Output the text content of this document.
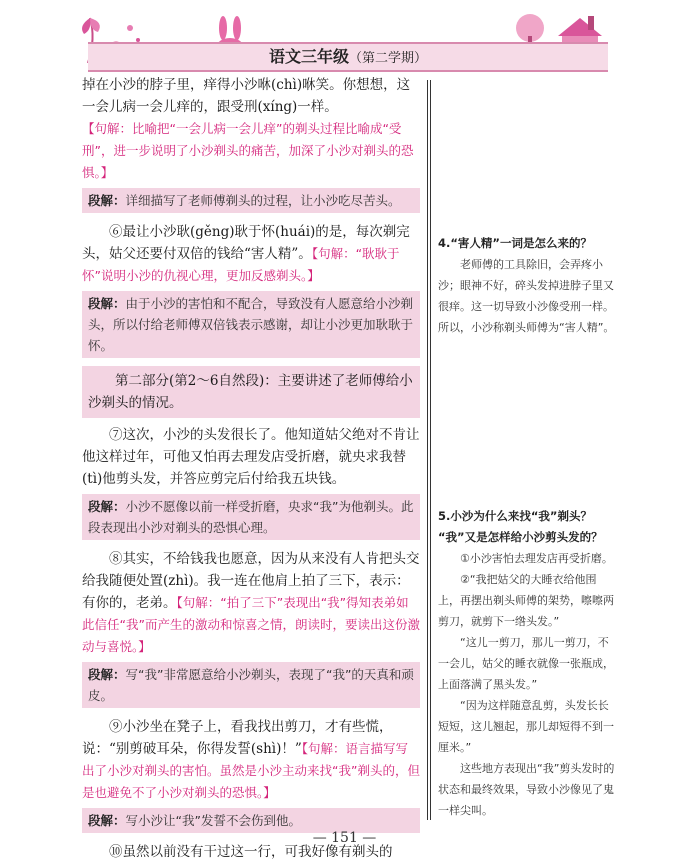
语文三年级（第二学期）

掉在小沙的脖子里，痒得小沙咻(chì)咻笑。你想想，这一会儿病一会儿痒的，跟受刑(xíng)一样。

【句解：比喻把“一会儿病一会儿痒”的剃头过程比喻成“受刑”，进一步说明了小沙剃头的痛苦，加深了小沙对剃头的恐惧。】

段解：详细描写了老师傅剃头的过程，让小沙吃尽苦头。

⑥最让小沙耿(gěng)耿于怀(huái)的是，每次剃完头，姑父还要付双倍的钱给“害人精”。【句解：“耿耿于怀”说明小沙的仇视心理，更加反感剃头。】

段解：由于小沙的害怕和不配合，导致没有人愿意给小沙剃头，所以付给老师傅双倍钱表示感谢，却让小沙更加耿耿于怀。
第二部分(第2～6自然段)：主要讲述了老师傅给小沙剃头的情况。

⑦这次，小沙的头发很长了。他知道姑父绝对不肯让他这样过年，可他又怕再去理发店受折磨，就央求我替(tì)他剪头发，并答应剪完后付给我五块钱。

段解：小沙不愿像以前一样受折磨，央求“我”为他剃头。此段表现出小沙对剃头的恐惧心理。

⑧其实，不给钱我也愿意，因为从来没有人肯把头交给我随便处置(zhì)。我一连在他肩上拍了三下，表示：有你的，老弟。【句解：“拍了三下”表现出“我”得知表弟如此信任“我”而产生的激动和惊喜之情，朗读时，要读出这份激动与喜悦。】

段解：写“我”非常愿意给小沙剃头，表现了“我”的天真和顽皮。

⑨小沙坐在凳子上，看我找出剪刀，才有些慌，说：“别剪破耳朵，你得发誓(shì)！”【句解：语言描写写出了小沙对剃头的害怕。虽然是小沙主动来找“我”剃头的，但是也避免不了小沙对剃头的恐惧。】

段解：写小沙让“我”发誓不会伤到他。

⑩虽然以前没有干过这一行，可我好像有剃头的

4.“害人精”一词是怎么来的？

老师傅的工具除旧，会弄疼小沙；眼神不好，碎头发掉进脖子里又很痒。这一切导致小沙像受刑一样。所以，小沙称剃头师傅为“害人精”。

5.小沙为什么来找“我”剃头？

“我”又是怎样给小沙剪头发的？

①小沙害怕去理发店再受折磨。

②“我把姑父的大睡衣给他围上，再摆出剃头师傅的架势，嚓嚓两剪刀，就剪下一绺头发。”

“这儿一剪刀，那儿一剪刀，不一会儿，姑父的睡衣就像一张瓶成，上面落满了黑头发。”

“因为这样随意乱剪，头发长长短短，这儿翘起，那儿却短得不到一厘米。”

这些地方表现出“我”剪头发时的状态和最终效果，导致小沙像见了鬼一样尖叫。

— 151 —
